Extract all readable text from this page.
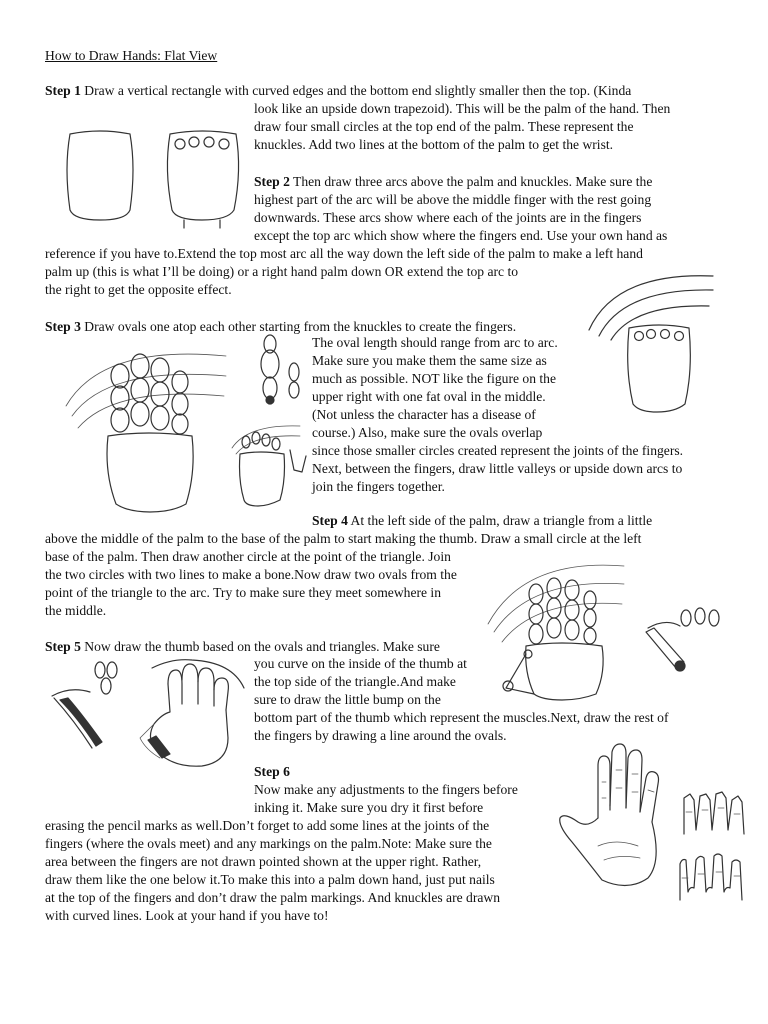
How to Draw Hands: Flat View

Step 1 Draw a vertical rectangle with curved edges and the bottom end slightly smaller then the top. (Kinda

look like an upside down trapezoid). This will be the palm of the hand. Then

draw four small circles at the top end of the palm. These represent the

knuckles. Add two lines at the bottom of the palm to get the wrist.

Step 2 Then draw three arcs above the palm and knuckles. Make sure the

highest part of the arc will be above the middle finger with the rest going

downwards. These arcs show where each of the joints are in the fingers

except the top arc which show where the fingers end. Use your own hand as

reference if you have to.Extend the top most arc all the way down the left side of the palm to make a left hand

palm up (this is what I’ll be doing) or a right hand palm down OR extend the top arc to

the right to get the opposite effect.

Step 3 Draw ovals one atop each other starting from the knuckles to create the fingers.

The oval length should range from arc to arc.

Make sure you make them the same size as

much as possible. NOT like the figure on the

upper right with one fat oval in the middle.

(Not unless the character has a disease of

course.) Also, make sure the ovals overlap

since those smaller circles created represent the joints of the fingers.

Next, between the fingers, draw little valleys or upside down arcs to

join the fingers together.

Step 4 At the left side of the palm, draw a triangle from a little

above the middle of the palm to the base of the palm to start making the thumb. Draw a small circle at the left

base of the palm. Then draw another circle at the point of the triangle. Join

the two circles with two lines to make a bone.Now draw two ovals from the

point of the triangle to the arc. Try to make sure they meet somewhere in

the middle.

Step 5 Now draw the thumb based on the ovals and triangles. Make sure

you curve on the inside of the thumb at

the top side of the triangle.And make

sure to draw the little bump on the

bottom part of the thumb which represent the muscles.Next, draw the rest of

the fingers by drawing a line around the ovals.

Step 6

Now make any adjustments to the fingers before

inking it. Make sure you dry it first before

erasing the pencil marks as well.Don’t forget to add some lines at the joints of the

fingers (where the ovals meet) and any markings on the palm.Note: Make sure the

area between the fingers are not drawn pointed shown at the upper right. Rather,

draw them like the one below it.To make this into a palm down hand, just put nails

at the top of the fingers and don’t draw the palm markings. And knuckles are drawn

with curved lines. Look at your hand if you have to!
